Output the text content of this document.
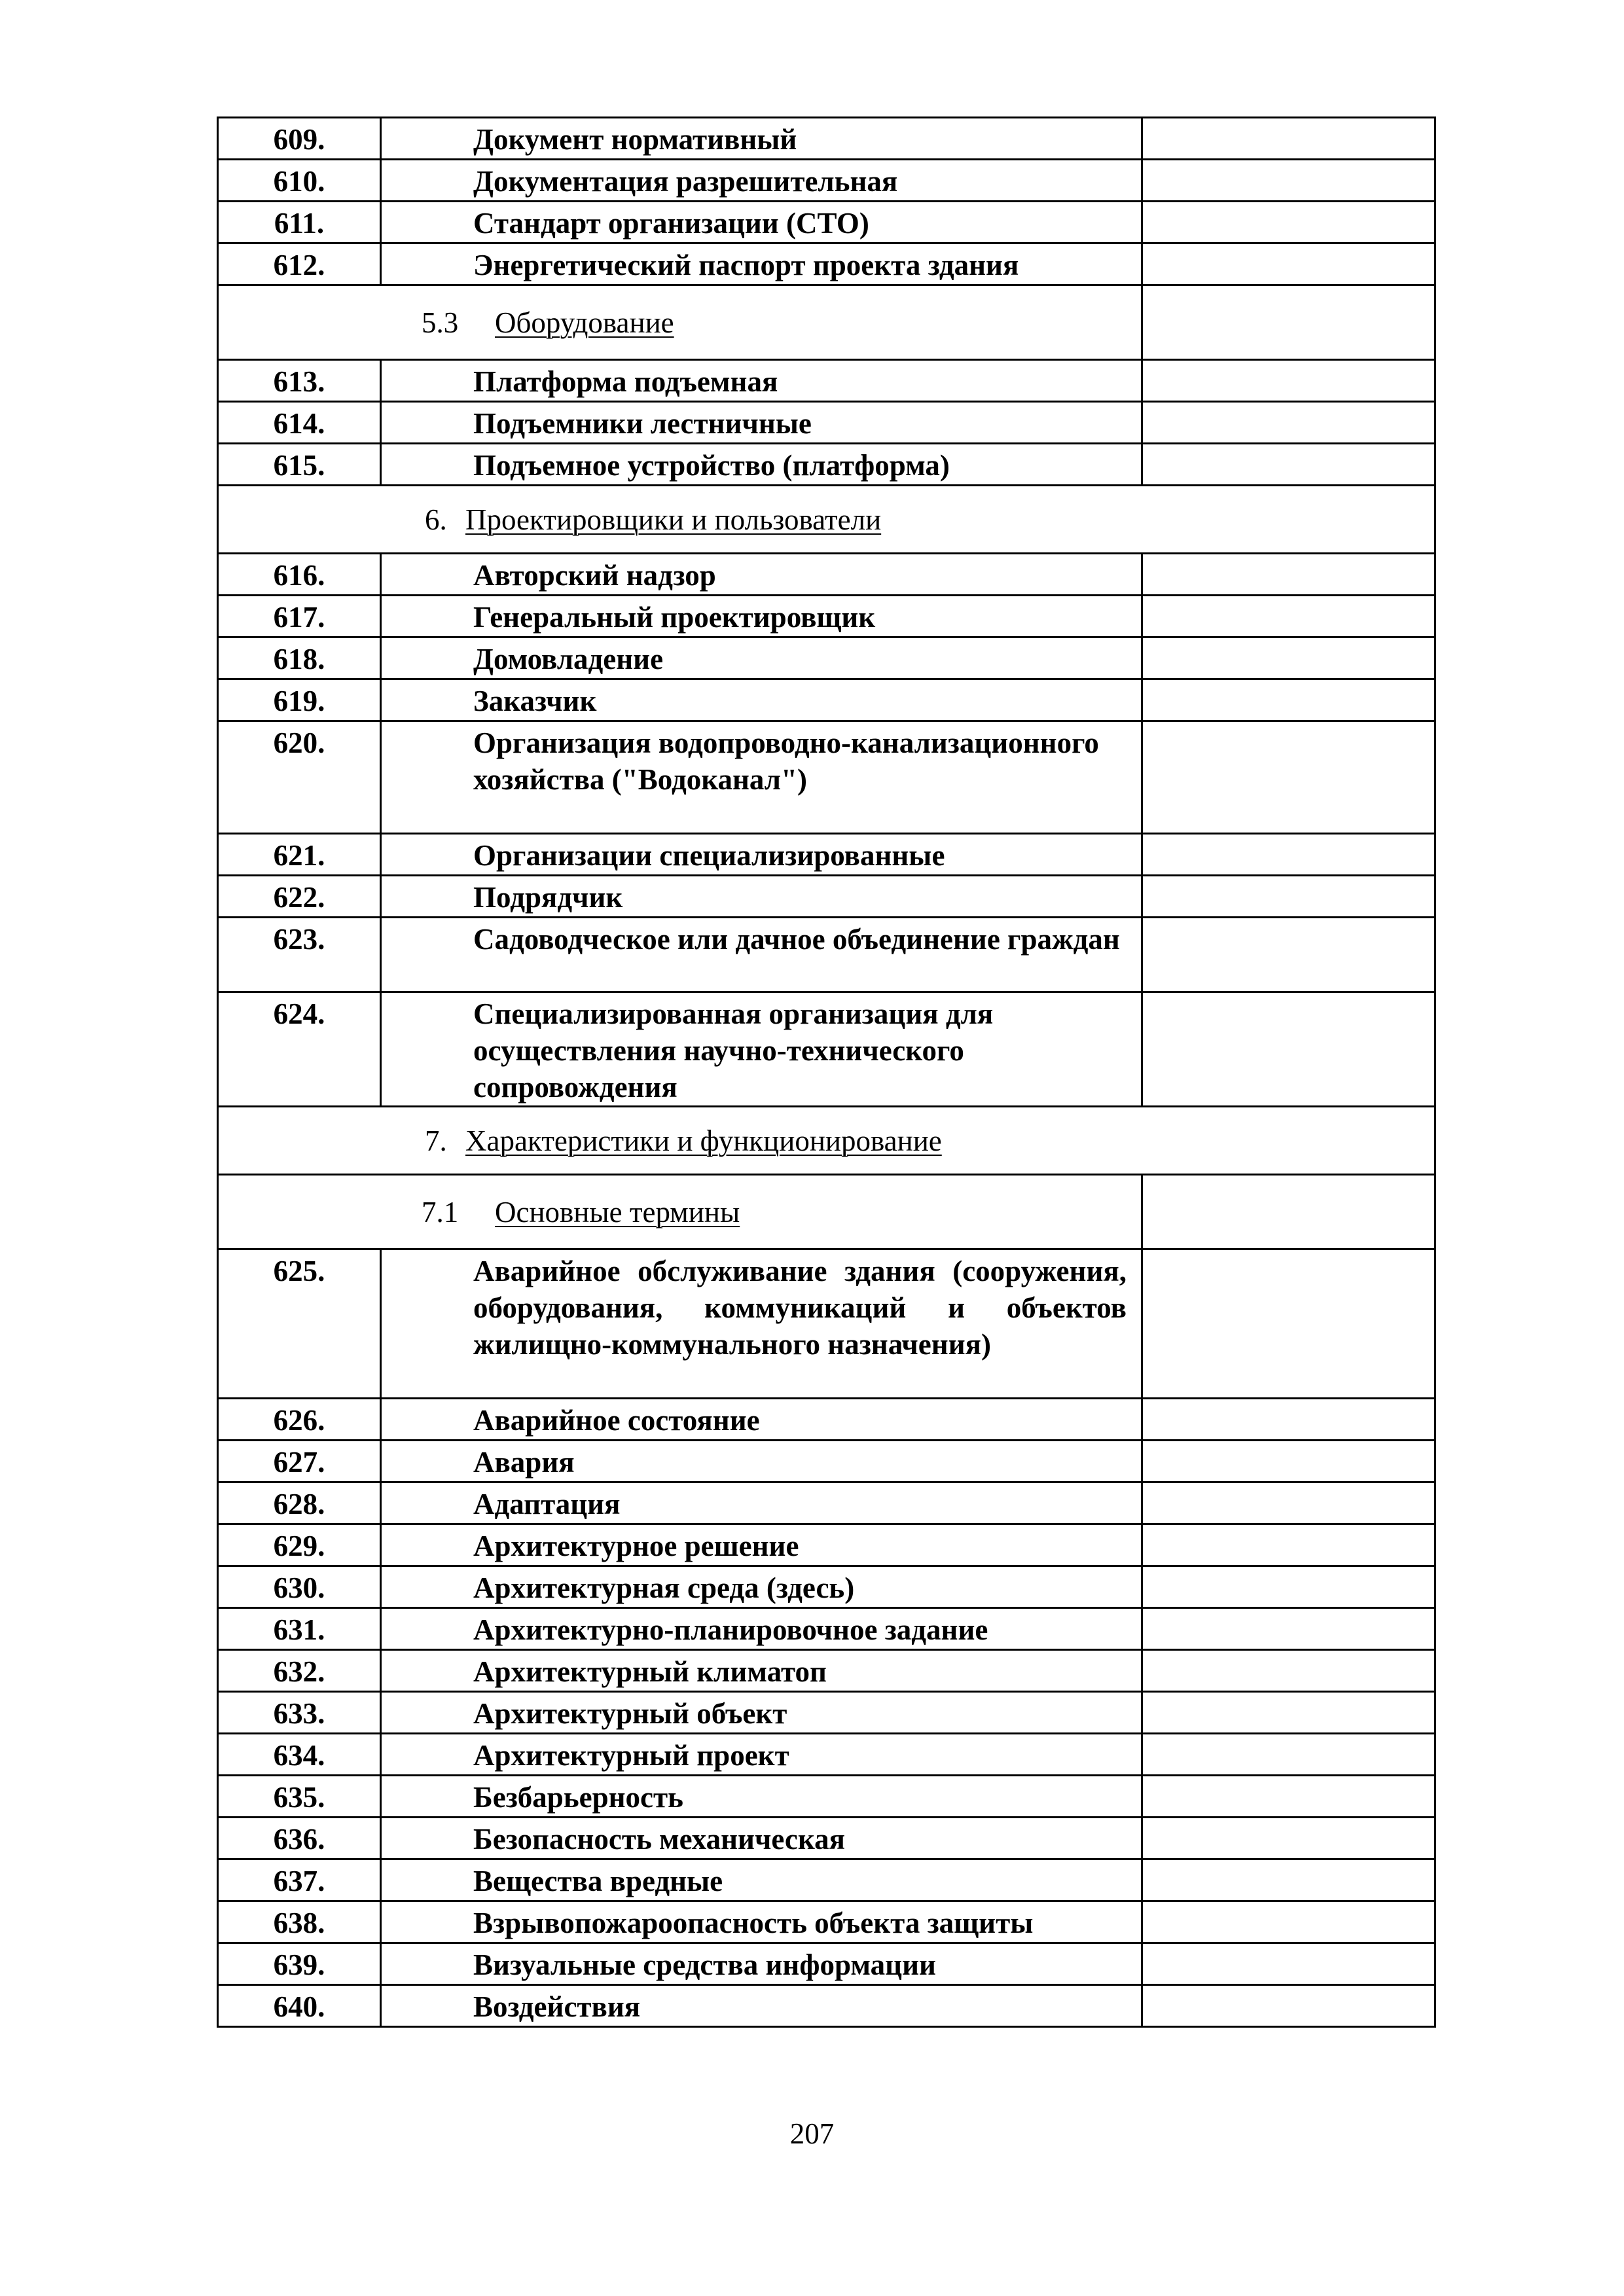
609.	Документ нормативный	
610.	Документация разрешительная	
611.	Стандарт организации (СТО)	
612.	Энергетический паспорт проекта здания	
5.3 Оборудование		
613.	Платформа подъемная	
614.	Подъемники лестничные	
615.	Подъемное устройство (платформа)	
6. Проектировщики и пользователи		
616.	Авторский надзор	
617.	Генеральный проектировщик	
618.	Домовладение	
619.	Заказчик	
620.	Организация водопроводно-канализационного хозяйства ("Водоканал")	
621.	Организации специализированные	
622.	Подрядчик	
623.	Садоводческое или дачное объединение граждан	
624.	Специализированная организация для осуществления научно-технического сопровождения	
7. Характеристики и функционирование		
7.1 Основные термины		
625.	Аварийное обслуживание здания (сооружения, оборудования, коммуникаций и объектов жилищно-коммунального назначения)	
626.	Аварийное состояние	
627.	Авария	
628.	Адаптация	
629.	Архитектурное решение	
630.	Архитектурная среда (здесь)	
631.	Архитектурно-планировочное задание	
632.	Архитектурный климатоп	
633.	Архитектурный объект	
634.	Архитектурный проект	
635.	Безбарьерность	
636.	Безопасность механическая	
637.	Вещества вредные	
638.	Взрывопожароопасность объекта защиты	
639.	Визуальные средства информации	
640.	Воздействия	
207
